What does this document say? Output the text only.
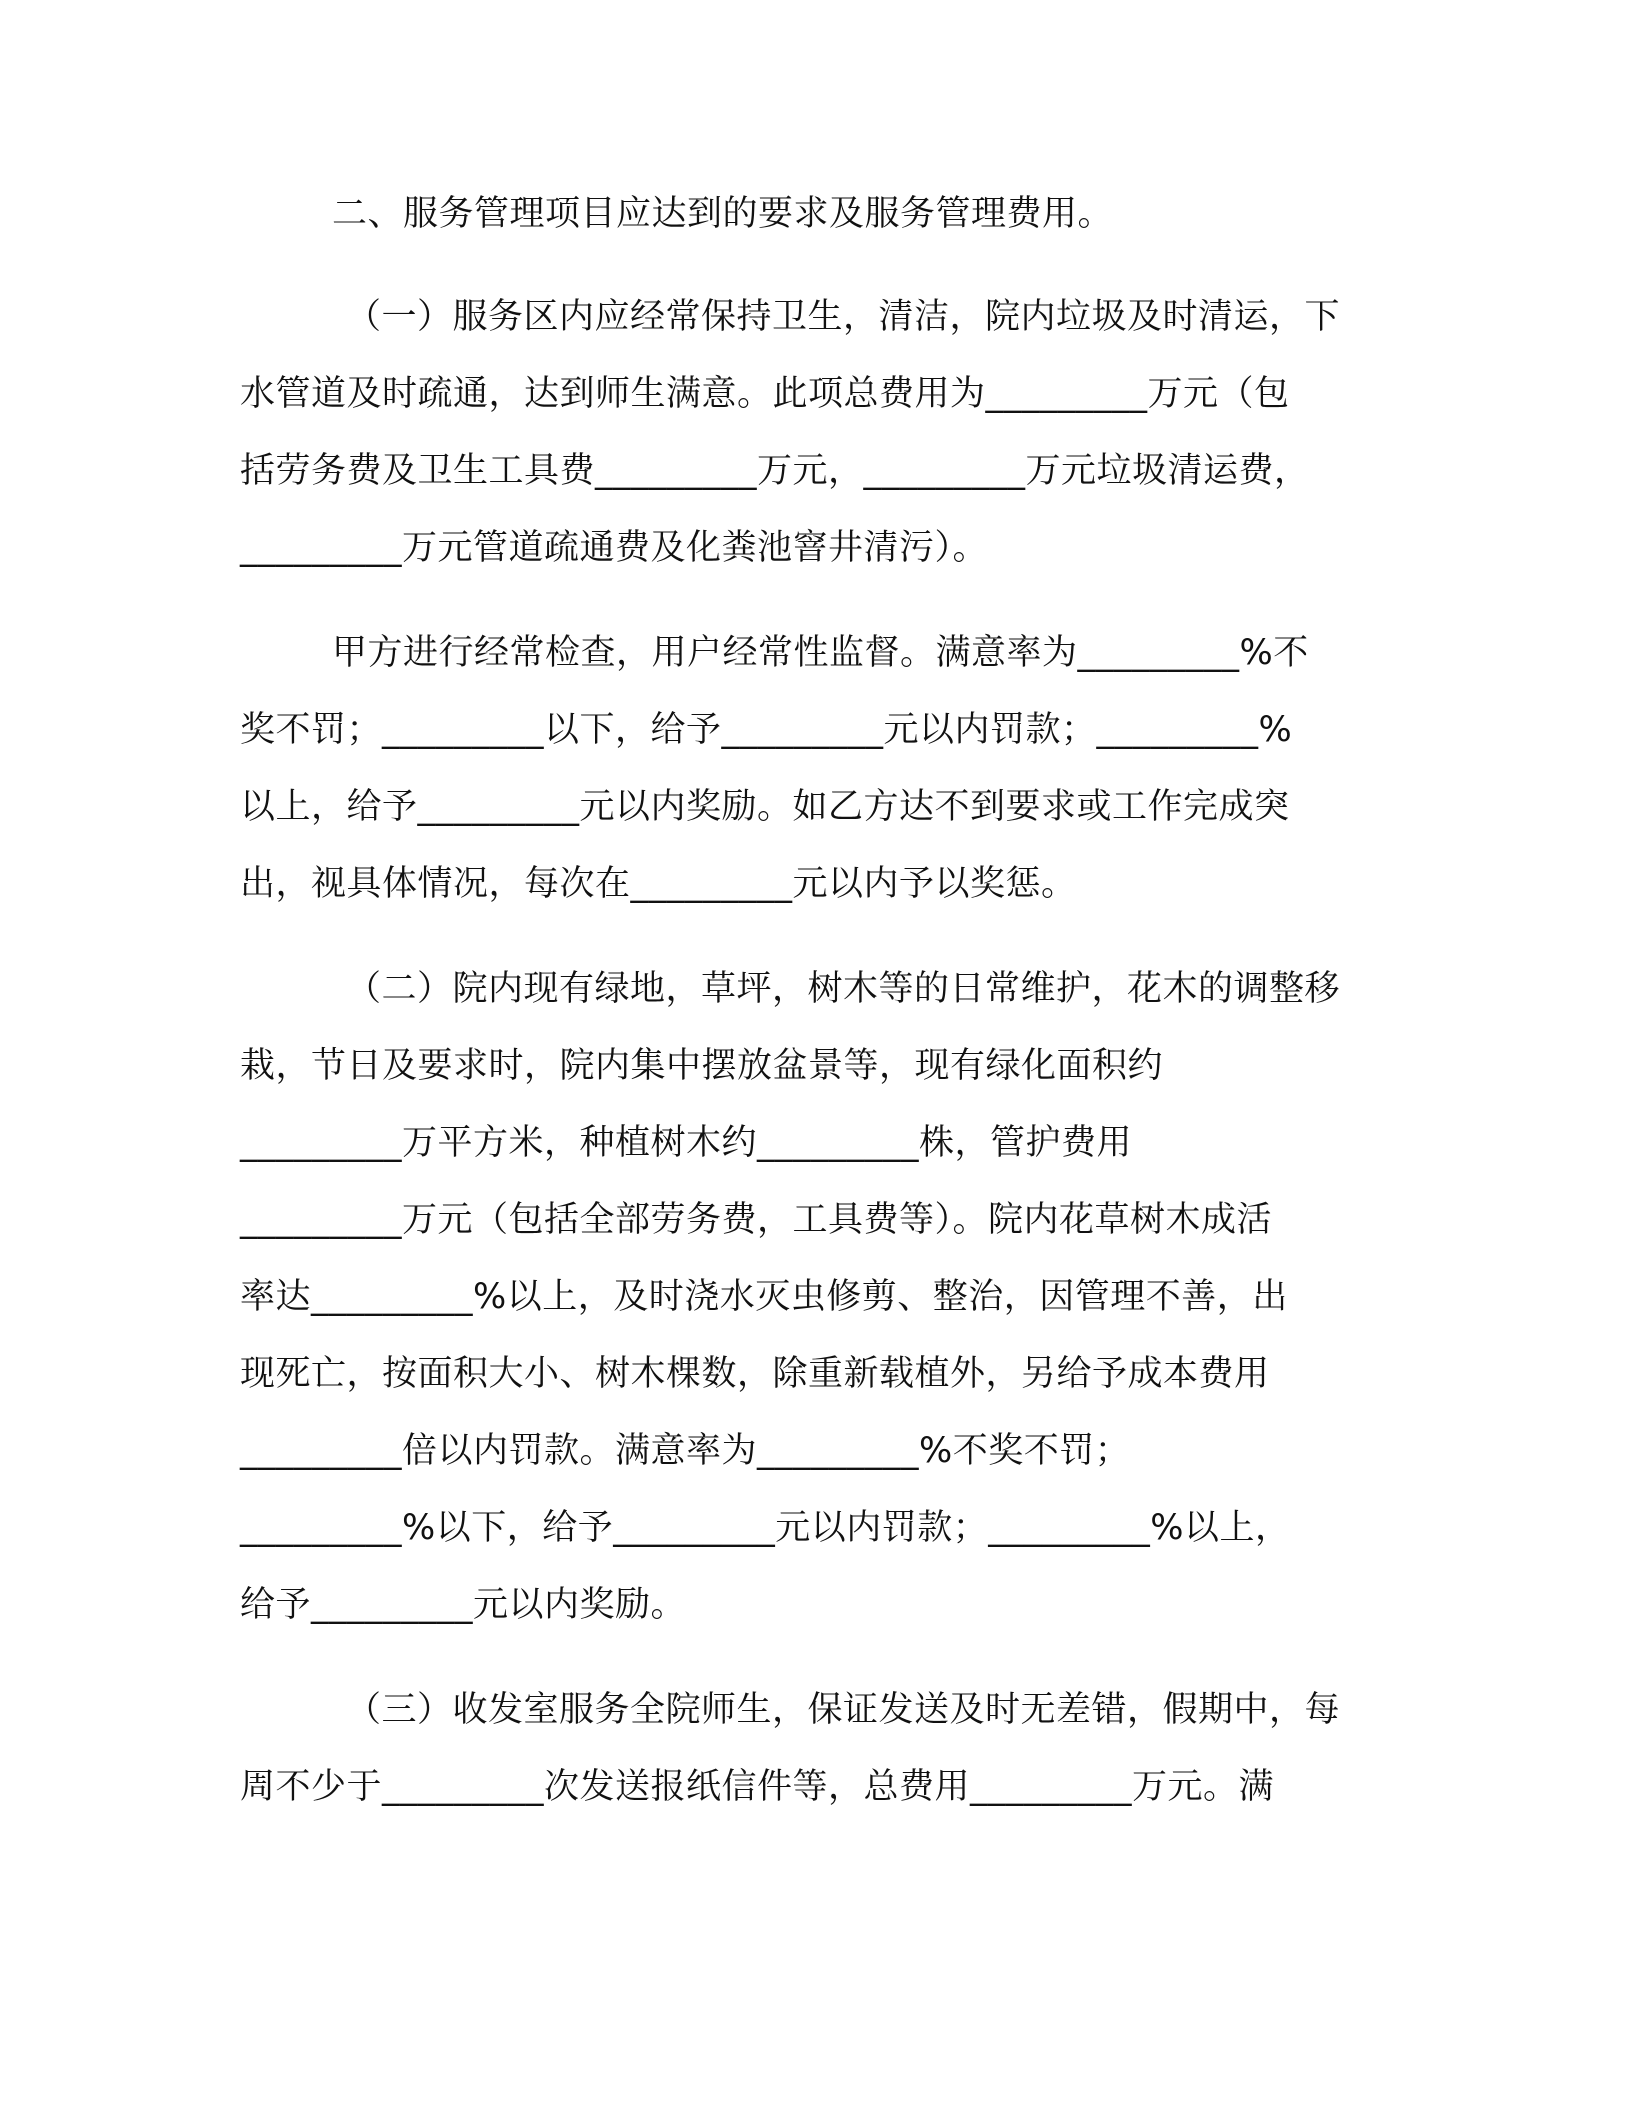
二、服务管理项目应达到的要求及服务管理费用。
（一）服务区内应经常保持卫生，清洁，院内垃圾及时清运，下
水管道及时疏通，达到师生满意。此项总费用为_________万元（包
括劳务费及卫生工具费_________万元，_________万元垃圾清运费，
_________万元管道疏通费及化粪池窨井清污）。
甲方进行经常检查，用户经常性监督。满意率为_________%不
奖不罚；_________以下，给予_________元以内罚款；_________%
以上，给予_________元以内奖励。如乙方达不到要求或工作完成突
出，视具体情况，每次在_________元以内予以奖惩。
（二）院内现有绿地，草坪，树木等的日常维护，花木的调整移
栽，节日及要求时，院内集中摆放盆景等，现有绿化面积约
_________万平方米，种植树木约_________株，管护费用
_________万元（包括全部劳务费，工具费等）。院内花草树木成活
率达_________%以上，及时浇水灭虫修剪、整治，因管理不善，出
现死亡，按面积大小、树木棵数，除重新载植外，另给予成本费用
_________倍以内罚款。满意率为_________%不奖不罚；
_________%以下，给予_________元以内罚款；_________%以上，
给予_________元以内奖励。
（三）收发室服务全院师生，保证发送及时无差错，假期中，每
周不少于_________次发送报纸信件等，总费用_________万元。满
